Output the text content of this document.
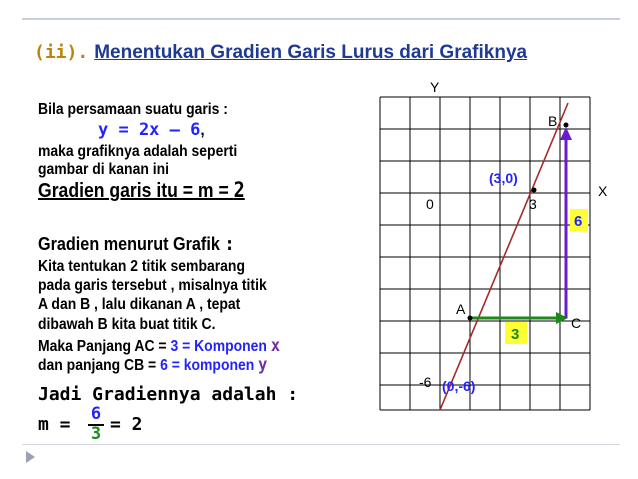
(ii). Menentukan Gradien Garis Lurus dari Grafiknya
Bila persamaan suatu garis :
y = 2x – 6,
maka grafiknya adalah seperti
gambar di kanan ini
Gradien garis itu = m = 2
Gradien menurut Grafik :
Kita tentukan 2 titik sembarang
pada garis tersebut , misalnya titik
A dan B , lalu dikanan A , tepat
dibawah B kita buat titik C.
Maka Panjang AC = 3 = Komponen x
dan panjang CB = 6 = komponen y
Jadi Gradiennya adalah :
m = 6
3 = 2
Y
X
0	3
-6
B
A
C
(3,0)
(0,-6)
6
3
